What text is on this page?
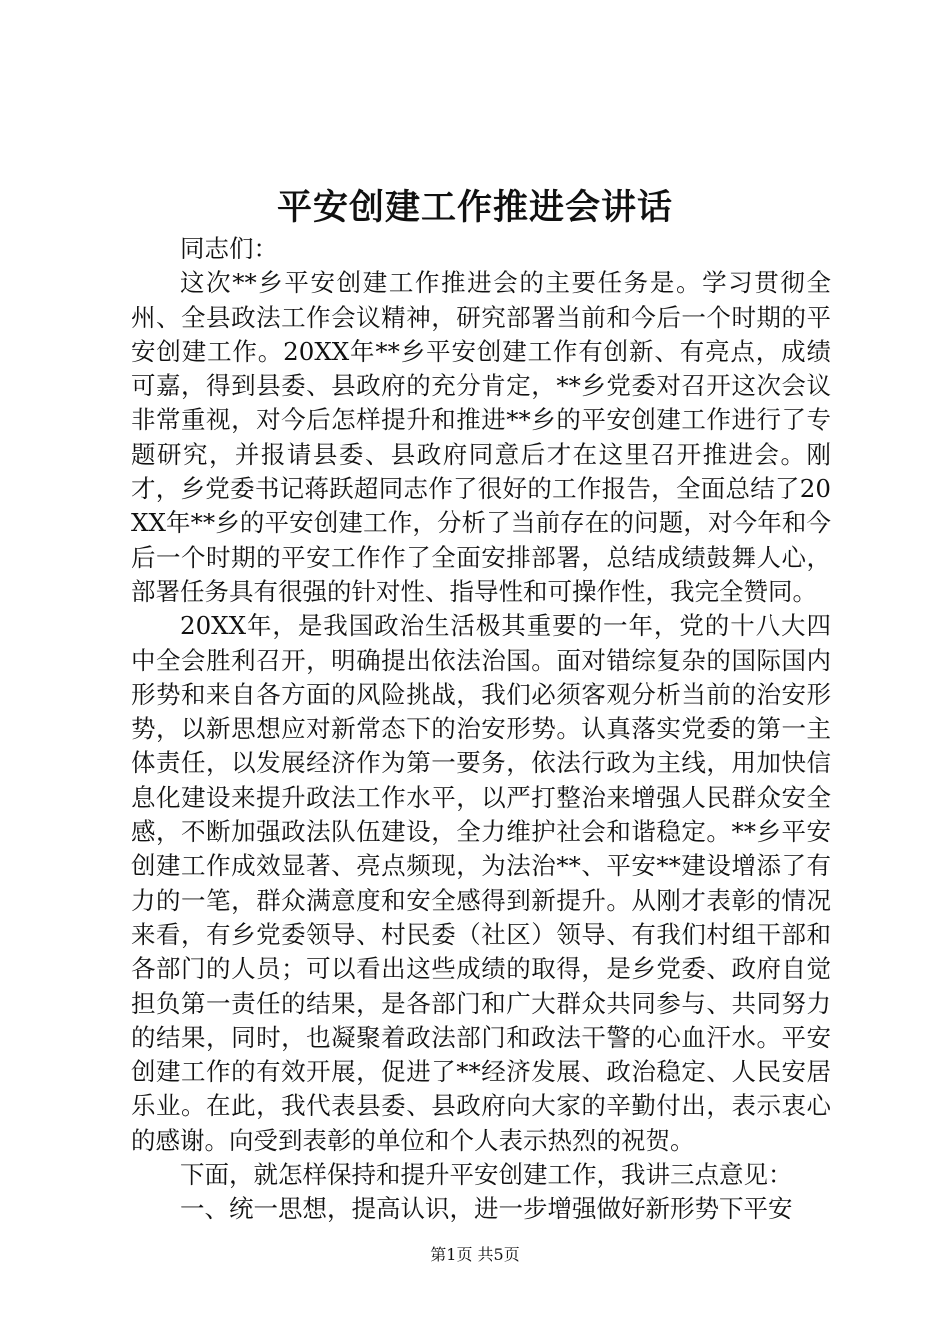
平安创建工作推进会讲话

同志们：

这次**乡平安创建工作推进会的主要任务是。学习贯彻全州、全县政法工作会议精神，研究部署当前和今后一个时期的平安创建工作。20XX年**乡平安创建工作有创新、有亮点，成绩可嘉，得到县委、县政府的充分肯定，**乡党委对召开这次会议非常重视，对今后怎样提升和推进**乡的平安创建工作进行了专题研究，并报请县委、县政府同意后才在这里召开推进会。刚才，乡党委书记蒋跃超同志作了很好的工作报告，全面总结了20XX年**乡的平安创建工作，分析了当前存在的问题，对今年和今后一个时期的平安工作作了全面安排部署，总结成绩鼓舞人心，部署任务具有很强的针对性、指导性和可操作性，我完全赞同。

20XX年，是我国政治生活极其重要的一年，党的十八大四中全会胜利召开，明确提出依法治国。面对错综复杂的国际国内形势和来自各方面的风险挑战，我们必须客观分析当前的治安形势，以新思想应对新常态下的治安形势。认真落实党委的第一主体责任，以发展经济作为第一要务，依法行政为主线，用加快信息化建设来提升政法工作水平，以严打整治来增强人民群众安全感，不断加强政法队伍建设，全力维护社会和谐稳定。**乡平安创建工作成效显著、亮点频现，为法治**、平安**建设增添了有力的一笔，群众满意度和安全感得到新提升。从刚才表彰的情况来看，有乡党委领导、村民委（社区）领导、有我们村组干部和各部门的人员；可以看出这些成绩的取得，是乡党委、政府自觉担负第一责任的结果，是各部门和广大群众共同参与、共同努力的结果，同时，也凝聚着政法部门和政法干警的心血汗水。平安创建工作的有效开展，促进了**经济发展、政治稳定、人民安居乐业。在此，我代表县委、县政府向大家的辛勤付出，表示衷心的感谢。向受到表彰的单位和个人表示热烈的祝贺。

下面，就怎样保持和提升平安创建工作，我讲三点意见：

一、统一思想，提高认识，进一步增强做好新形势下平安

第1页 共5页
